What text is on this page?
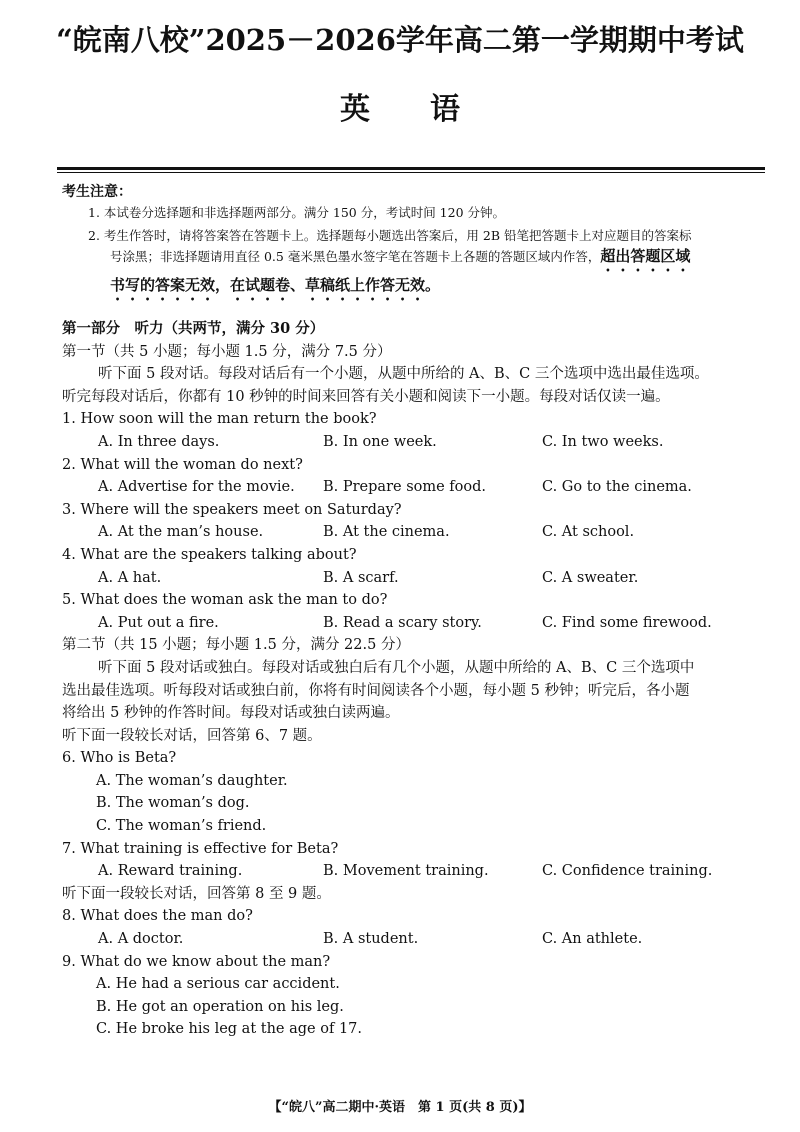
“皖南八校”2025－2026学年高二第一学期期中考试
英语
考生注意：
1. 本试卷分选择题和非选择题两部分。满分 150 分，考试时间 120 分钟。
2. 考生作答时，请将答案答在答题卡上。选择题每小题选出答案后，用 2B 铅笔把答题卡上对应题目的答案标
号涂黑；非选择题请用直径 0.5 毫米黑色墨水签字笔在答题卡上各题的答题区域内作答，超出答题区域
书写的答案无效，在试题卷、草稿纸上作答无效。
第一部分　听力（共两节，满分 30 分）
第一节（共 5 小题；每小题 1.5 分，满分 7.5 分）
听下面 5 段对话。每段对话后有一个小题，从题中所给的 A、B、C 三个选项中选出最佳选项。
听完每段对话后，你都有 10 秒钟的时间来回答有关小题和阅读下一小题。每段对话仅读一遍。
1. How soon will the man return the book?
A. In three days.	B. In one week.	C. In two weeks.
2. What will the woman do next?
A. Advertise for the movie. B. Prepare some food.	C. Go to the cinema.
3. Where will the speakers meet on Saturday?
A. At the man’s house.	B. At the cinema.	C. At school.
4. What are the speakers talking about?
A. A hat.	B. A scarf.	C. A sweater.
5. What does the woman ask the man to do?
A. Put out a fire.	B. Read a scary story.	C. Find some firewood.
第二节（共 15 小题；每小题 1.5 分，满分 22.5 分）
听下面 5 段对话或独白。每段对话或独白后有几个小题，从题中所给的 A、B、C 三个选项中
选出最佳选项。听每段对话或独白前，你将有时间阅读各个小题，每小题 5 秒钟；听完后，各小题
将给出 5 秒钟的作答时间。每段对话或独白读两遍。
听下面一段较长对话，回答第 6、7 题。
6. Who is Beta?
A. The woman’s daughter.
B. The woman’s dog.
C. The woman’s friend.
7. What training is effective for Beta?
A. Reward training.	B. Movement training.	C. Confidence training.
听下面一段较长对话，回答第 8 至 9 题。
8. What does the man do?
A. A doctor.	B. A student.	C. An athlete.
9. What do we know about the man?
A. He had a serious car accident.
B. He got an operation on his leg.
C. He broke his leg at the age of 17.
【“皖八”高二期中·英语　第 1 页(共 8 页)】
